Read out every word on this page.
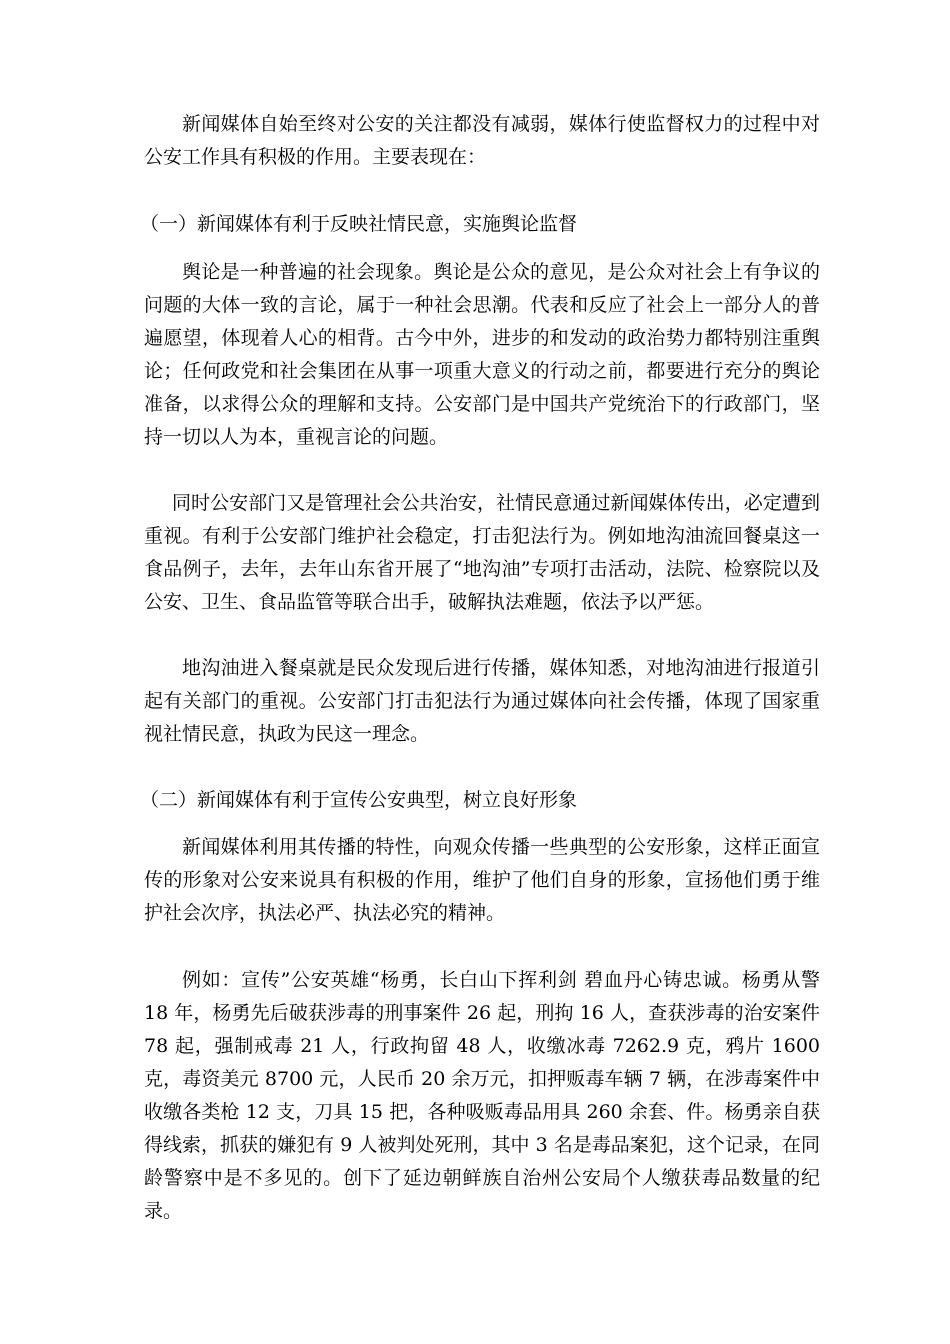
新闻媒体自始至终对公安的关注都没有减弱，媒体行使监督权力的过程中对公安工作具有积极的作用。主要表现在：

（一）新闻媒体有利于反映社情民意，实施舆论监督

舆论是一种普遍的社会现象。舆论是公众的意见，是公众对社会上有争议的问题的大体一致的言论，属于一种社会思潮。代表和反应了社会上一部分人的普遍愿望，体现着人心的相背。古今中外，进步的和发动的政治势力都特别注重舆论；任何政党和社会集团在从事一项重大意义的行动之前，都要进行充分的舆论准备，以求得公众的理解和支持。公安部门是中国共产党统治下的行政部门，坚持一切以人为本，重视言论的问题。

同时公安部门又是管理社会公共治安，社情民意通过新闻媒体传出，必定遭到重视。有利于公安部门维护社会稳定，打击犯法行为。例如地沟油流回餐桌这一食品例子，去年，去年山东省开展了“地沟油”专项打击活动，法院、检察院以及公安、卫生、食品监管等联合出手，破解执法难题，依法予以严惩。

地沟油进入餐桌就是民众发现后进行传播，媒体知悉，对地沟油进行报道引起有关部门的重视。公安部门打击犯法行为通过媒体向社会传播，体现了国家重视社情民意，执政为民这一理念。

（二）新闻媒体有利于宣传公安典型，树立良好形象

新闻媒体利用其传播的特性，向观众传播一些典型的公安形象，这样正面宣传的形象对公安来说具有积极的作用，维护了他们自身的形象，宣扬他们勇于维护社会次序，执法必严、执法必究的精神。

例如：宣传”公安英雄“杨勇，长白山下挥利剑 碧血丹心铸忠诚。杨勇从警 18 年，杨勇先后破获涉毒的刑事案件 26 起，刑拘 16 人，查获涉毒的治安案件 78 起，强制戒毒 21 人，行政拘留 48 人，收缴冰毒 7262.9 克，鸦片 1600 克，毒资美元 8700 元，人民币 20 余万元，扣押贩毒车辆 7 辆，在涉毒案件中收缴各类枪 12 支，刀具 15 把，各种吸贩毒品用具 260 余套、件。杨勇亲自获得线索，抓获的嫌犯有 9 人被判处死刑，其中 3 名是毒品案犯，这个记录，在同龄警察中是不多见的。创下了延边朝鲜族自治州公安局个人缴获毒品数量的纪录。
